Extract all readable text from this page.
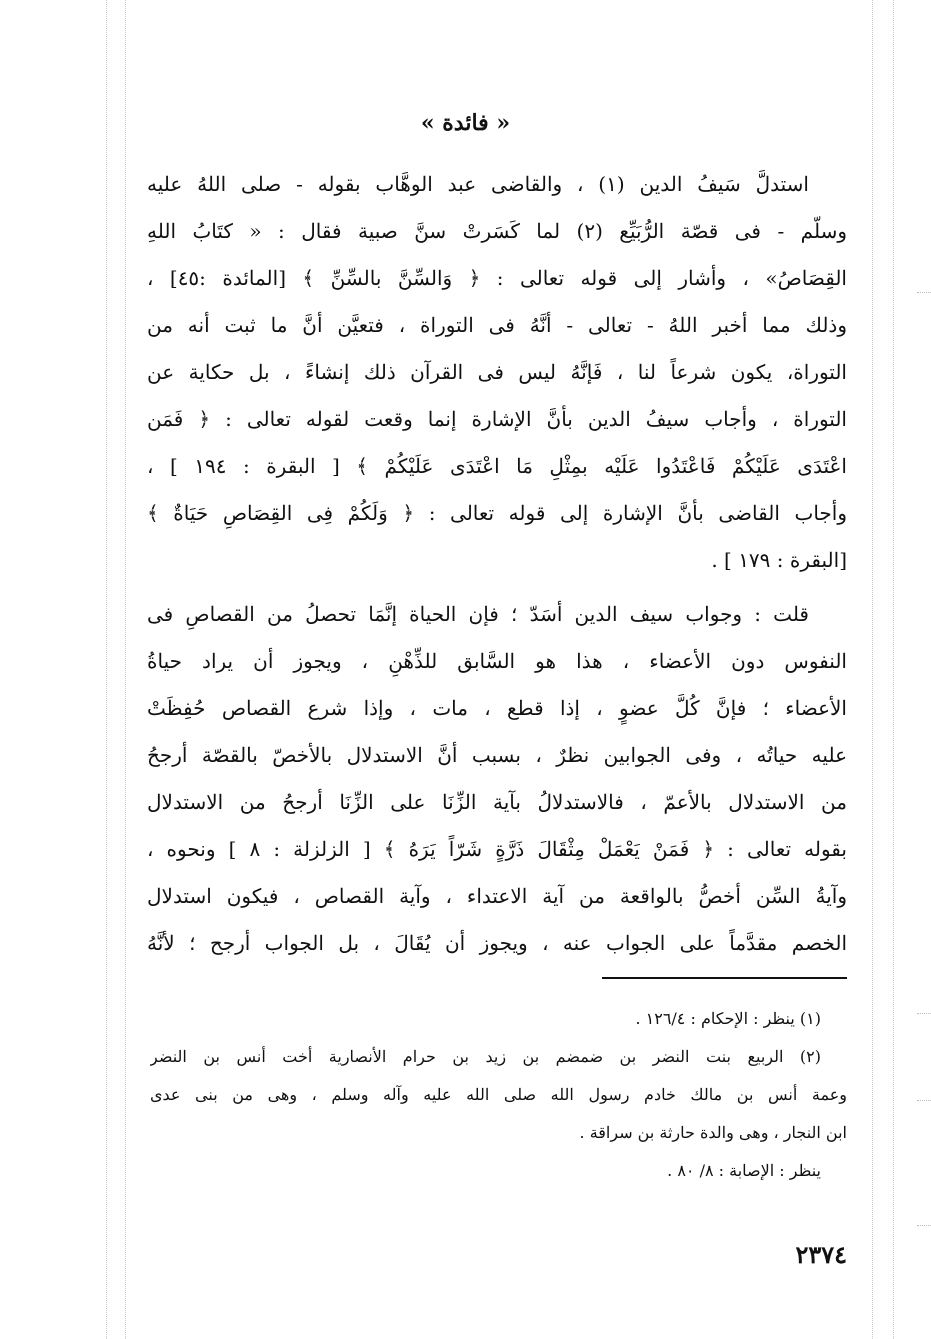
« فائدة »
استدلَّ سَيفُ الدين (١) ، والقاضى عبد الوهَّاب بقوله - صلى اللهُ عليه
وسلّم - فى قصّة الرُّبَيِّع (٢) لما كَسَرتْ سنَّ صبية فقال : « كتَابُ اللهِ
القِصَاصُ» ، وأشار إلى قوله تعالى : ﴿ وَالسِّنَّ بالسِّنِّ ﴾ [المائدة :٤٥] ،
وذلك مما أخبر اللهُ - تعالى - أنَّهُ فى التوراة ، فتعيَّن أنَّ ما ثبت أنه من
التوراة، يكون شرعاً لنا ، فَإنَّهُ ليس فى القرآن ذلك إنشاءً ، بل حكاية عن
التوراة ، وأجاب سيفُ الدين بأنَّ الإشارة إنما وقعت لقوله تعالى : ﴿ فَمَن
اعْتَدَى عَلَيْكُمْ فَاعْتَدُوا عَلَيْه بمِثْلِ مَا اعْتَدَى عَلَيْكُمْ ﴾ [ البقرة : ١٩٤ ] ،
وأجاب القاضى بأنَّ الإشارة إلى قوله تعالى : ﴿ وَلَكُمْ فِى القِصَاصِ حَيَاةٌ ﴾
[البقرة : ١٧٩ ] .
قلت : وجواب سيف الدين أسَدّ ؛ فإن الحياة إنَّمَا تحصلُ من القصاصِ فى
النفوس دون الأعضاء ، هذا هو السَّابق للذِّهْنِ ، ويجوز أن يراد حياةُ
الأعضاء ؛ فإنَّ كُلَّ عضوٍ ، إذا قطع ، مات ، وإذا شرع القصاص حُفِظَتْ
عليه حياتُه ، وفى الجوابين نظرٌ ، بسبب أنَّ الاستدلال بالأخصّ بالقصّة أرجحُ
من الاستدلال بالأعمّ ، فالاستدلالُ بآية الزِّنَا على الزِّنَا أرجحُ من الاستدلال
بقوله تعالى : ﴿ فَمَنْ يَعْمَلْ مِثْقَالَ ذَرَّةٍ شَرّاً يَرَهُ ﴾ [ الزلزلة : ٨ ] ونحوه ،
وآيةُ السِّن أخصُّ بالواقعة من آية الاعتداء ، وآية القصاص ، فيكون استدلال
الخصم مقدَّماً على الجواب عنه ، ويجوز أن يُقَالَ ، بل الجواب أرجح ؛ لأنَّهُ
(١) ينظر : الإحكام : ١٢٦/٤ .
(٢) الربيع بنت النضر بن ضمضم بن زيد بن حرام الأنصارية أخت أنس بن النضر
وعمة أنس بن مالك خادم رسول الله صلى الله عليه وآله وسلم ، وهى من بنى عدى
ابن النجار ، وهى والدة حارثة بن سراقة .
ينظر : الإصابة : ٨/ ٨٠ .
٢٣٧٤
